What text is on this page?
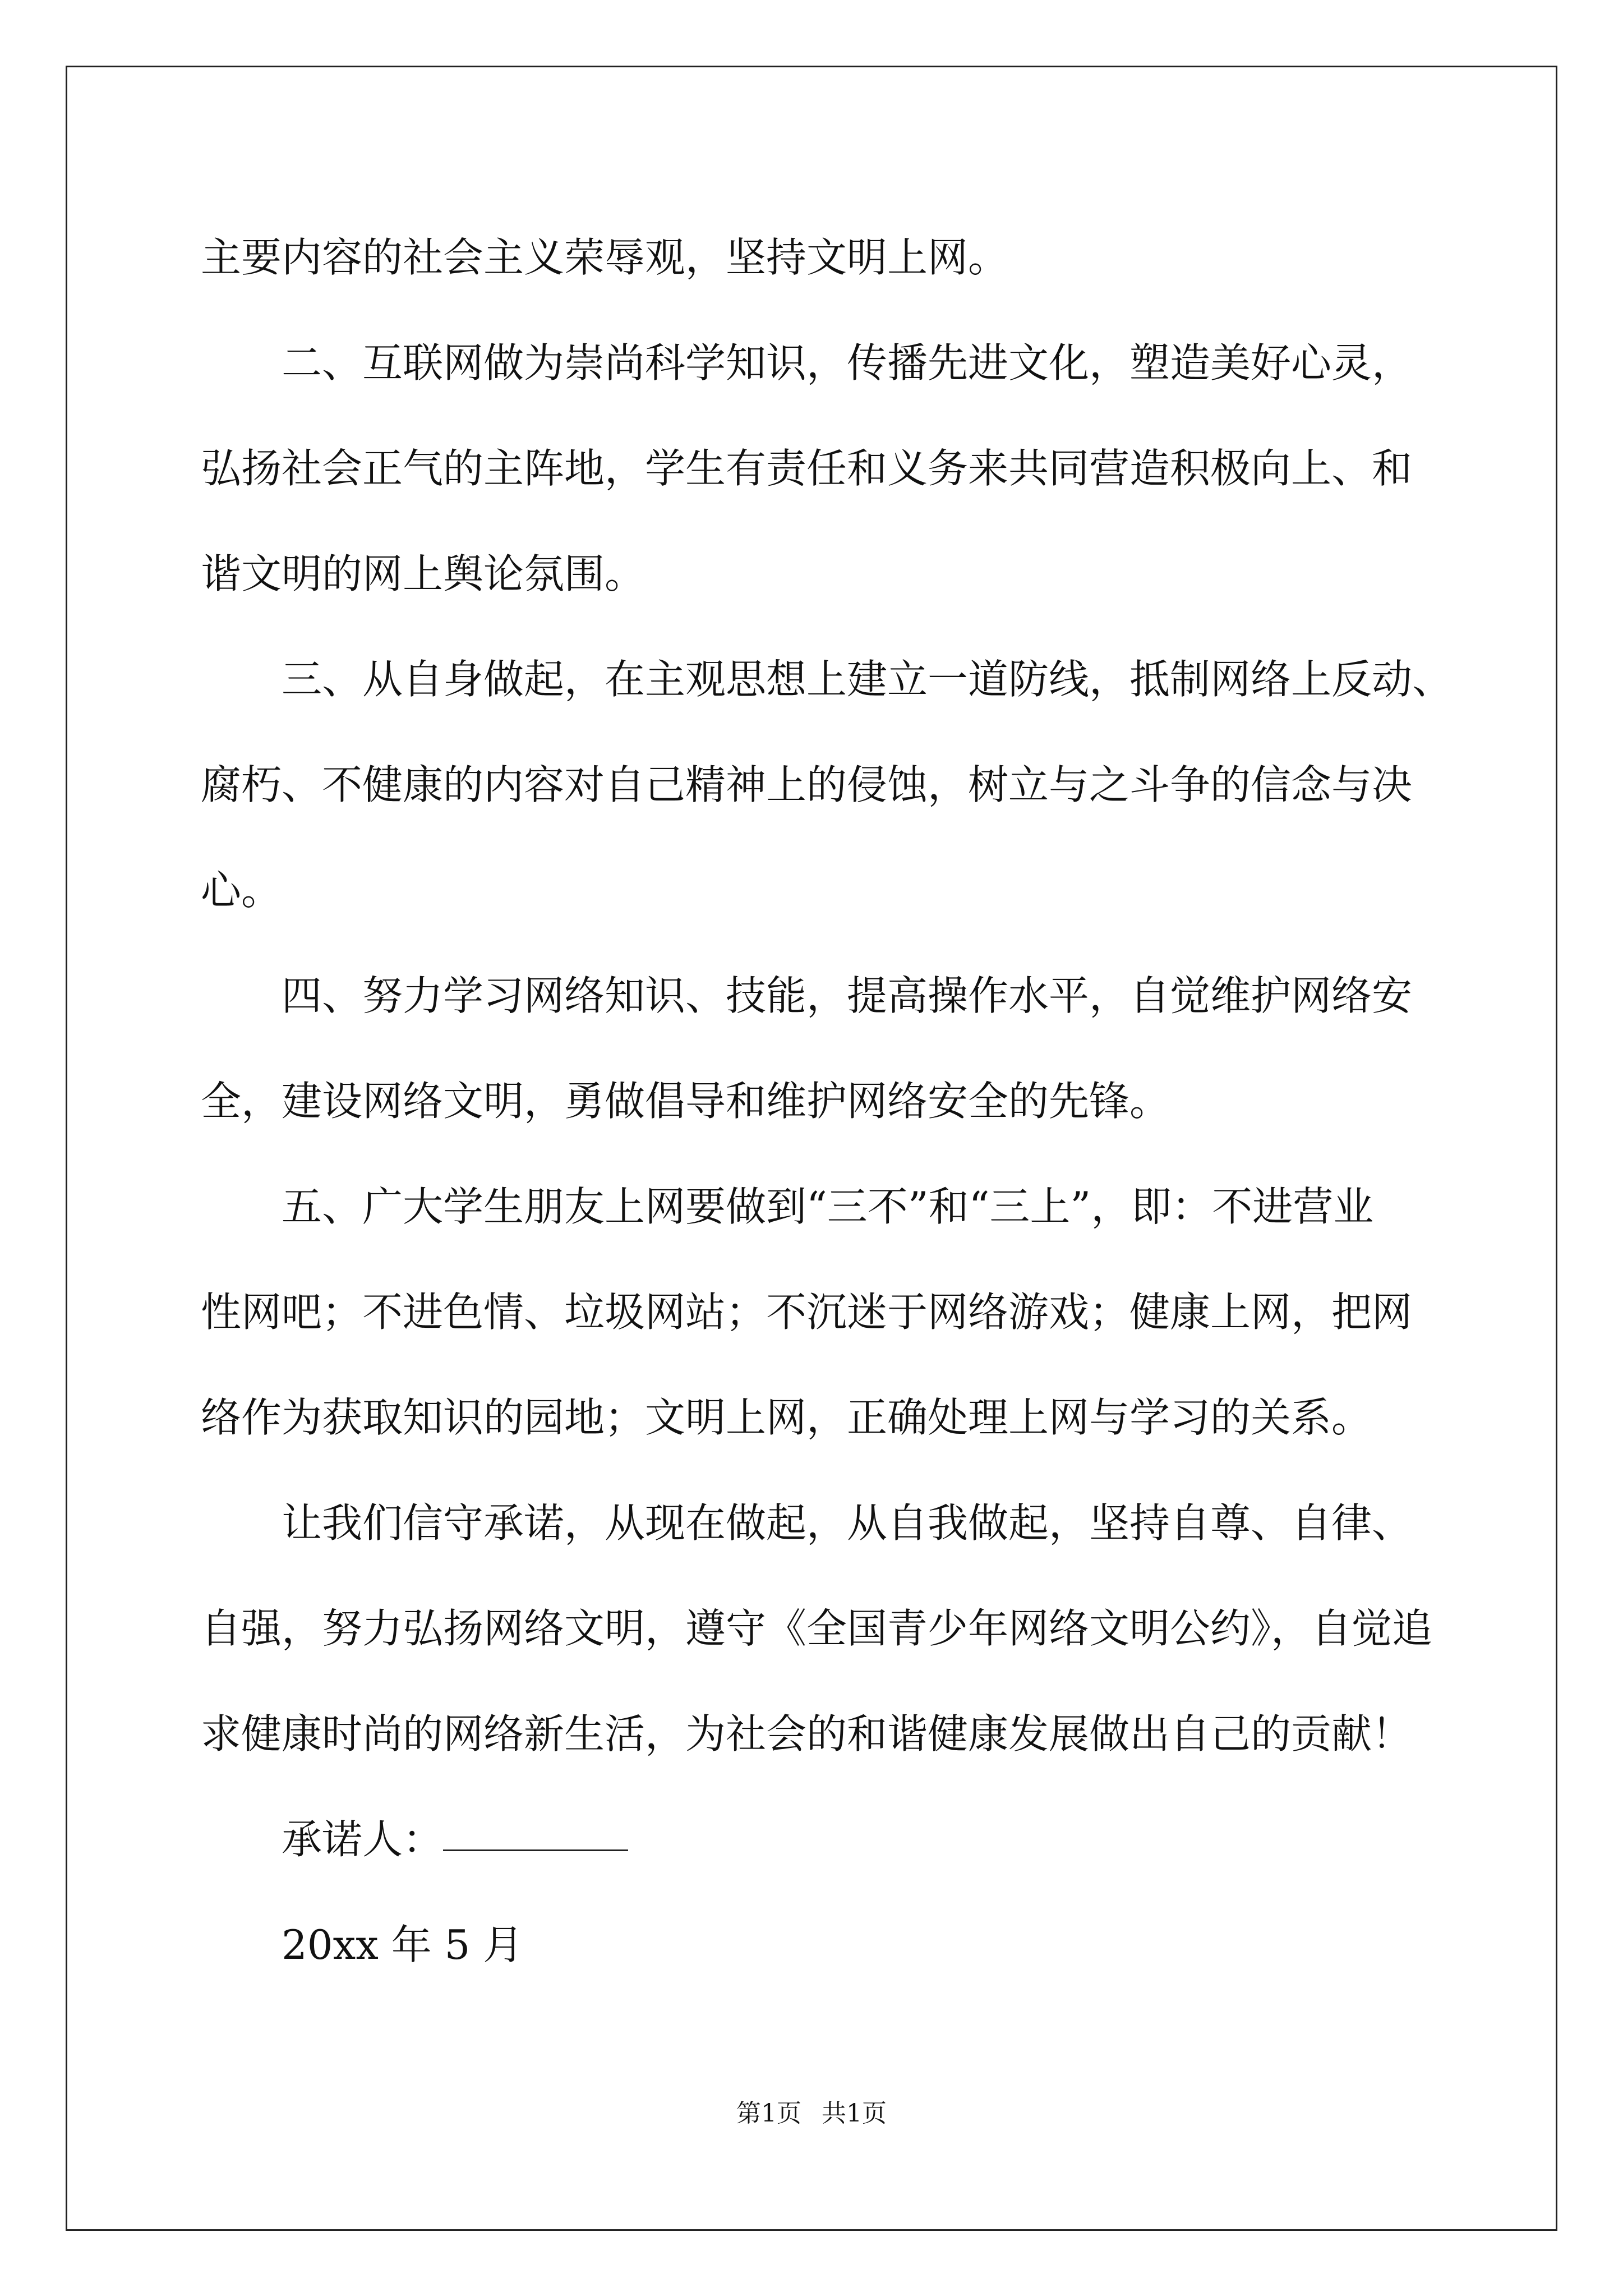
主要内容的社会主义荣辱观，坚持文明上网。
二、互联网做为崇尚科学知识，传播先进文化，塑造美好心灵，
弘扬社会正气的主阵地，学生有责任和义务来共同营造积极向上、和
谐文明的网上舆论氛围。
三、从自身做起，在主观思想上建立一道防线，抵制网络上反动、
腐朽、不健康的内容对自己精神上的侵蚀，树立与之斗争的信念与决
心。
四、努力学习网络知识、技能，提高操作水平，自觉维护网络安
全，建设网络文明，勇做倡导和维护网络安全的先锋。
五、广大学生朋友上网要做到“三不”和“三上”，即：不进营业
性网吧；不进色情、垃圾网站；不沉迷于网络游戏；健康上网，把网
络作为获取知识的园地；文明上网，正确处理上网与学习的关系。
让我们信守承诺，从现在做起，从自我做起，坚持自尊、自律、
自强，努力弘扬网络文明，遵守《全国青少年网络文明公约》，自觉追
求健康时尚的网络新生活，为社会的和谐健康发展做出自己的贡献！
承诺人：
20xx 年 5 月
第1页 共1页
